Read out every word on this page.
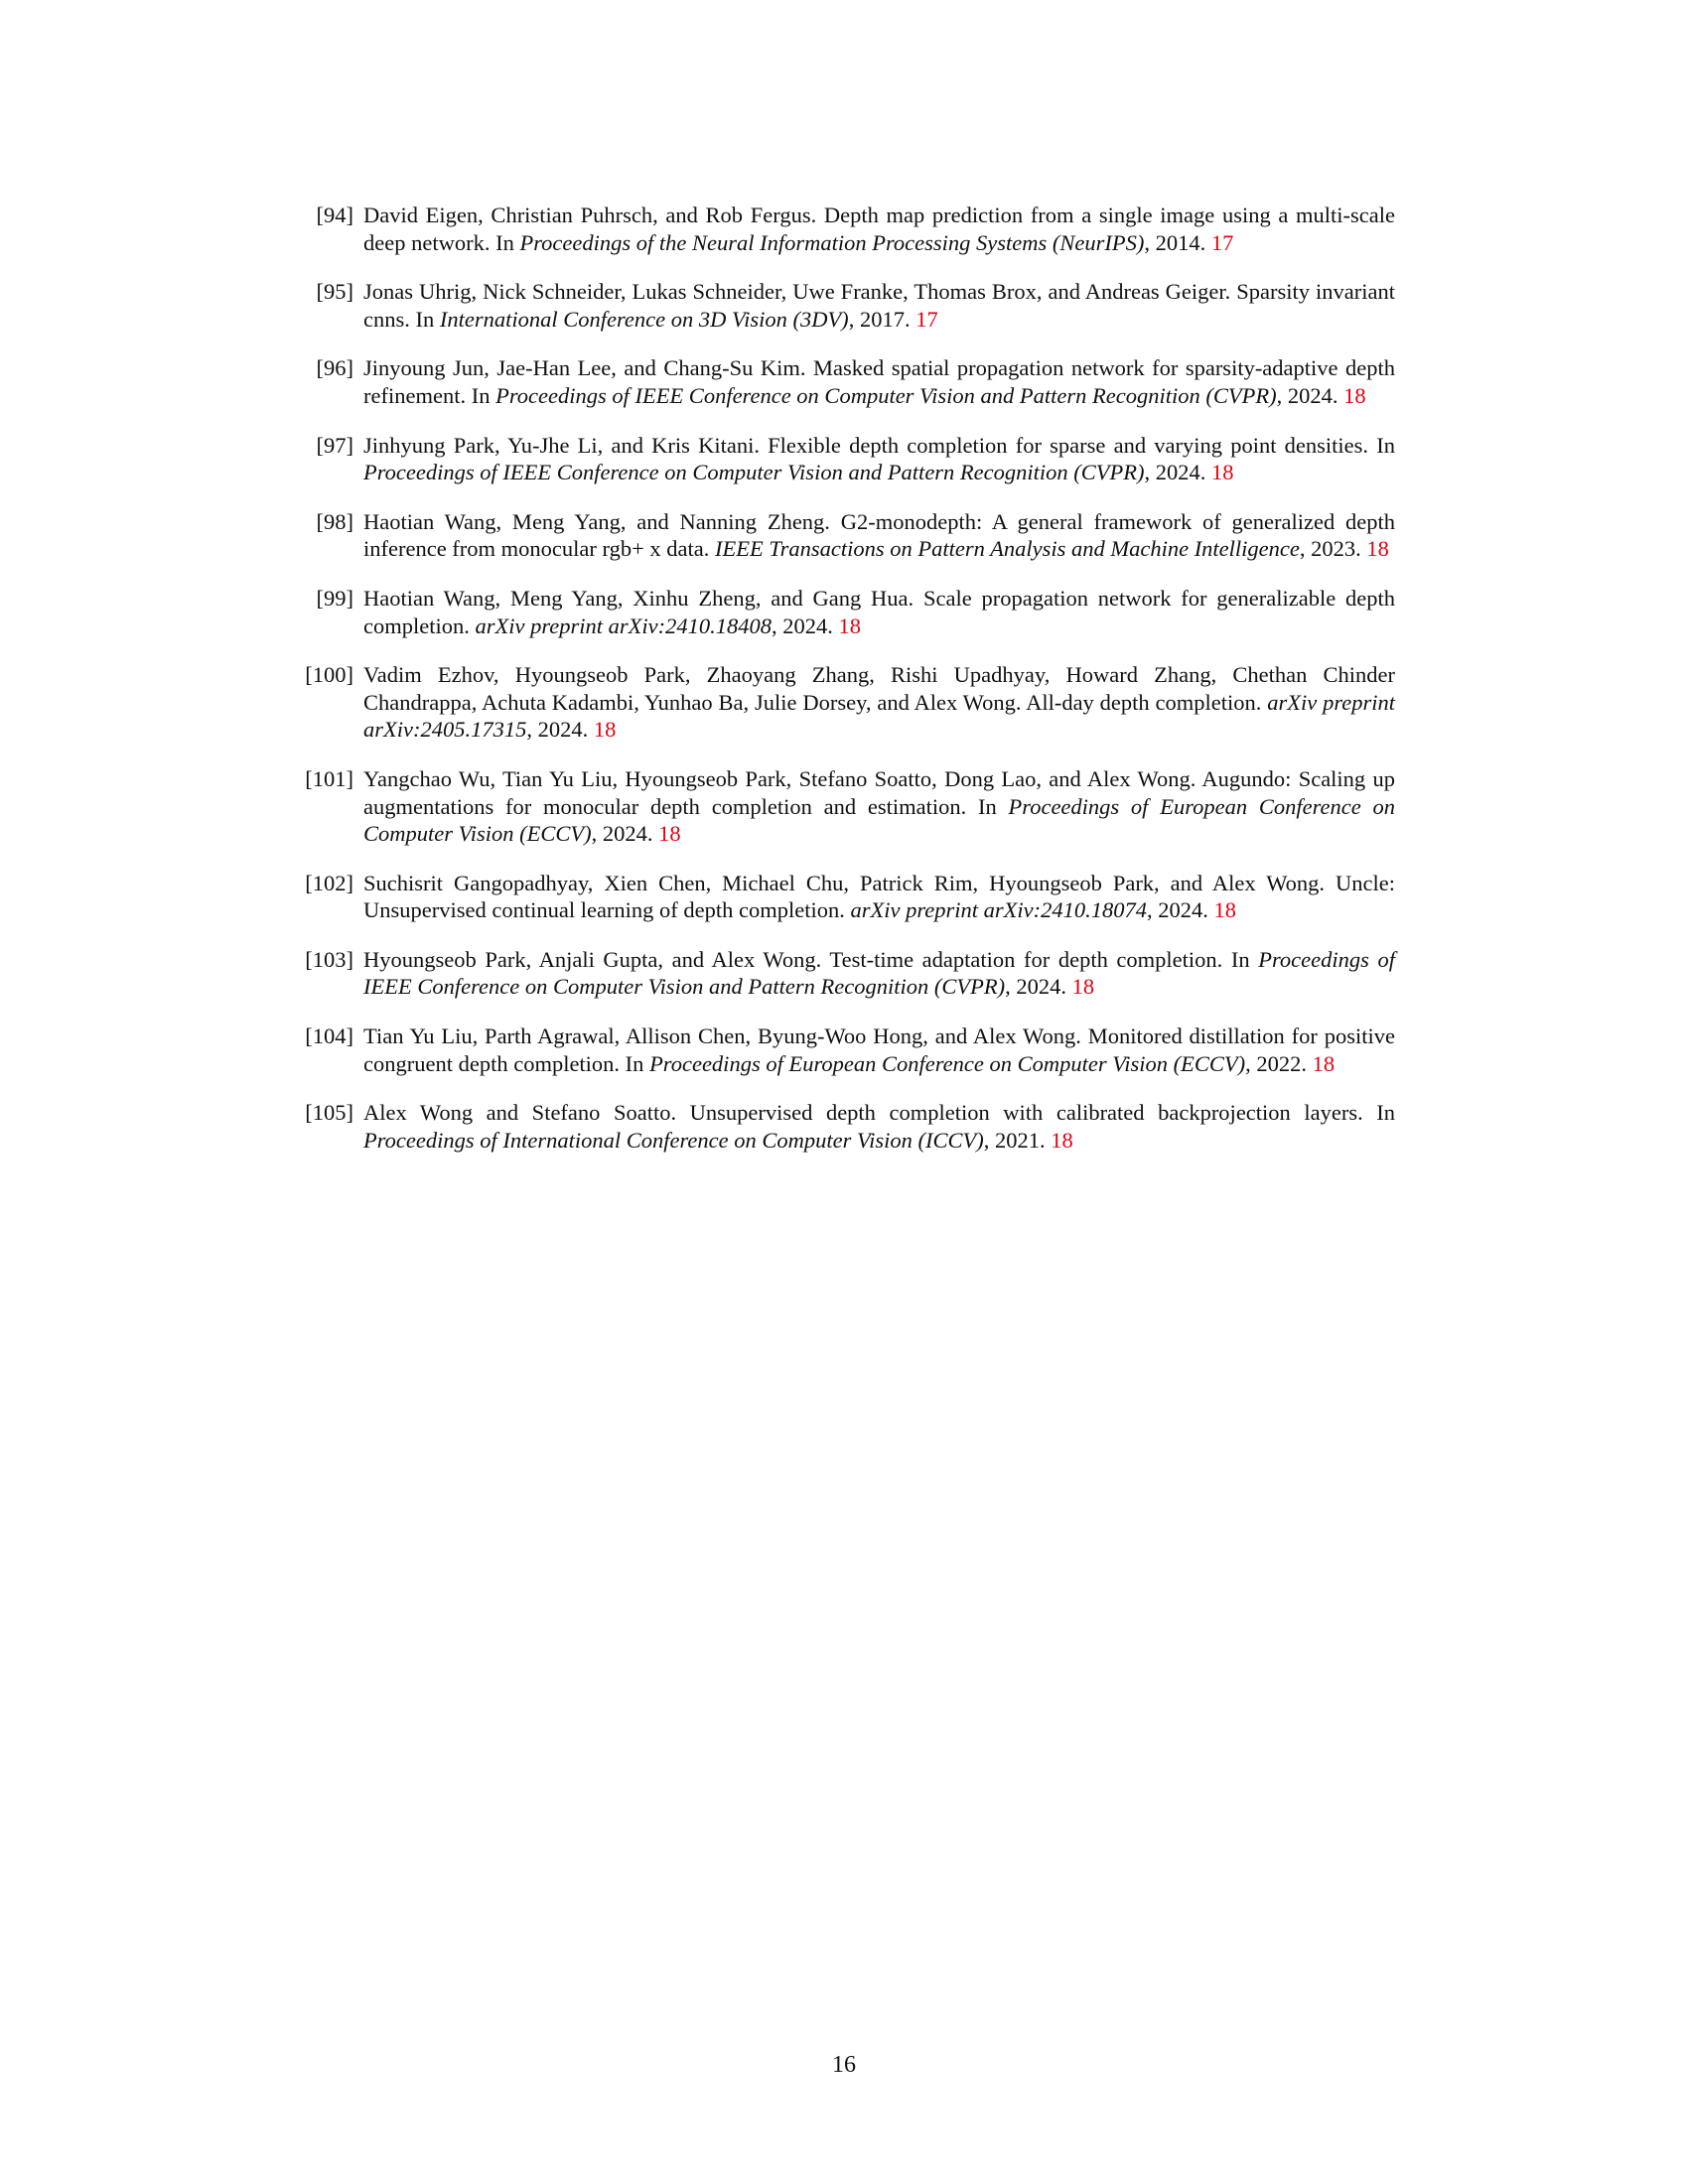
[94] David Eigen, Christian Puhrsch, and Rob Fergus. Depth map prediction from a single image using a multi-scale deep network. In Proceedings of the Neural Information Processing Systems (NeurIPS), 2014. 17
[95] Jonas Uhrig, Nick Schneider, Lukas Schneider, Uwe Franke, Thomas Brox, and Andreas Geiger. Sparsity invariant cnns. In International Conference on 3D Vision (3DV), 2017. 17
[96] Jinyoung Jun, Jae-Han Lee, and Chang-Su Kim. Masked spatial propagation network for sparsity-adaptive depth refinement. In Proceedings of IEEE Conference on Computer Vision and Pattern Recognition (CVPR), 2024. 18
[97] Jinhyung Park, Yu-Jhe Li, and Kris Kitani. Flexible depth completion for sparse and varying point densities. In Proceedings of IEEE Conference on Computer Vision and Pattern Recognition (CVPR), 2024. 18
[98] Haotian Wang, Meng Yang, and Nanning Zheng. G2-monodepth: A general framework of generalized depth inference from monocular rgb+ x data. IEEE Transactions on Pattern Analysis and Machine Intelligence, 2023. 18
[99] Haotian Wang, Meng Yang, Xinhu Zheng, and Gang Hua. Scale propagation network for generalizable depth completion. arXiv preprint arXiv:2410.18408, 2024. 18
[100] Vadim Ezhov, Hyoungseob Park, Zhaoyang Zhang, Rishi Upadhyay, Howard Zhang, Chethan Chinder Chandrappa, Achuta Kadambi, Yunhao Ba, Julie Dorsey, and Alex Wong. All-day depth completion. arXiv preprint arXiv:2405.17315, 2024. 18
[101] Yangchao Wu, Tian Yu Liu, Hyoungseob Park, Stefano Soatto, Dong Lao, and Alex Wong. Augundo: Scaling up augmentations for monocular depth completion and estimation. In Proceedings of European Conference on Computer Vision (ECCV), 2024. 18
[102] Suchisrit Gangopadhyay, Xien Chen, Michael Chu, Patrick Rim, Hyoungseob Park, and Alex Wong. Uncle: Unsupervised continual learning of depth completion. arXiv preprint arXiv:2410.18074, 2024. 18
[103] Hyoungseob Park, Anjali Gupta, and Alex Wong. Test-time adaptation for depth completion. In Proceedings of IEEE Conference on Computer Vision and Pattern Recognition (CVPR), 2024. 18
[104] Tian Yu Liu, Parth Agrawal, Allison Chen, Byung-Woo Hong, and Alex Wong. Monitored distillation for positive congruent depth completion. In Proceedings of European Conference on Computer Vision (ECCV), 2022. 18
[105] Alex Wong and Stefano Soatto. Unsupervised depth completion with calibrated backprojection layers. In Proceedings of International Conference on Computer Vision (ICCV), 2021. 18
16
